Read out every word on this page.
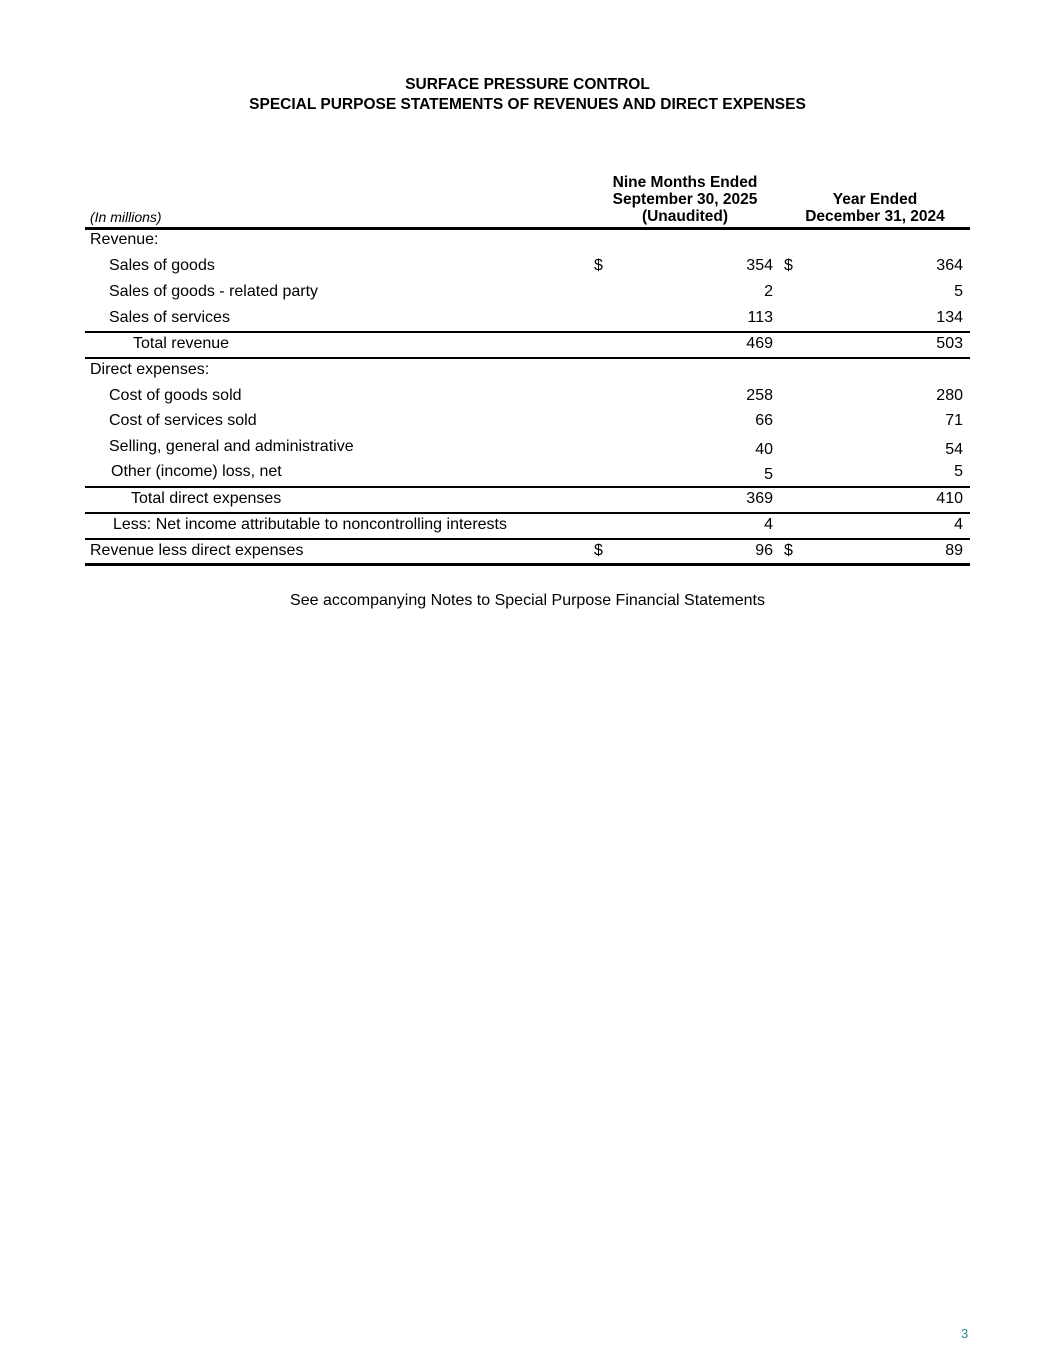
SURFACE PRESSURE CONTROL
SPECIAL PURPOSE STATEMENTS OF REVENUES AND DIRECT EXPENSES
(In millions)
Nine Months Ended
September 30, 2025
(Unaudited)
Year Ended
December 31, 2024
Revenue:
Sales of goods	$	354 $	364
Sales of goods - related party	2	5
Sales of services	113	134
Total revenue	469	503
Direct expenses:
Cost of goods sold	258	280
Cost of services sold	66	71
Selling, general and administrative	40	54
Other (income) loss, net	5	5
Total direct expenses	369	410
Less: Net income attributable to noncontrolling interests	4	4
Revenue less direct expenses	$	96 $	89
See accompanying Notes to Special Purpose Financial Statements
3
